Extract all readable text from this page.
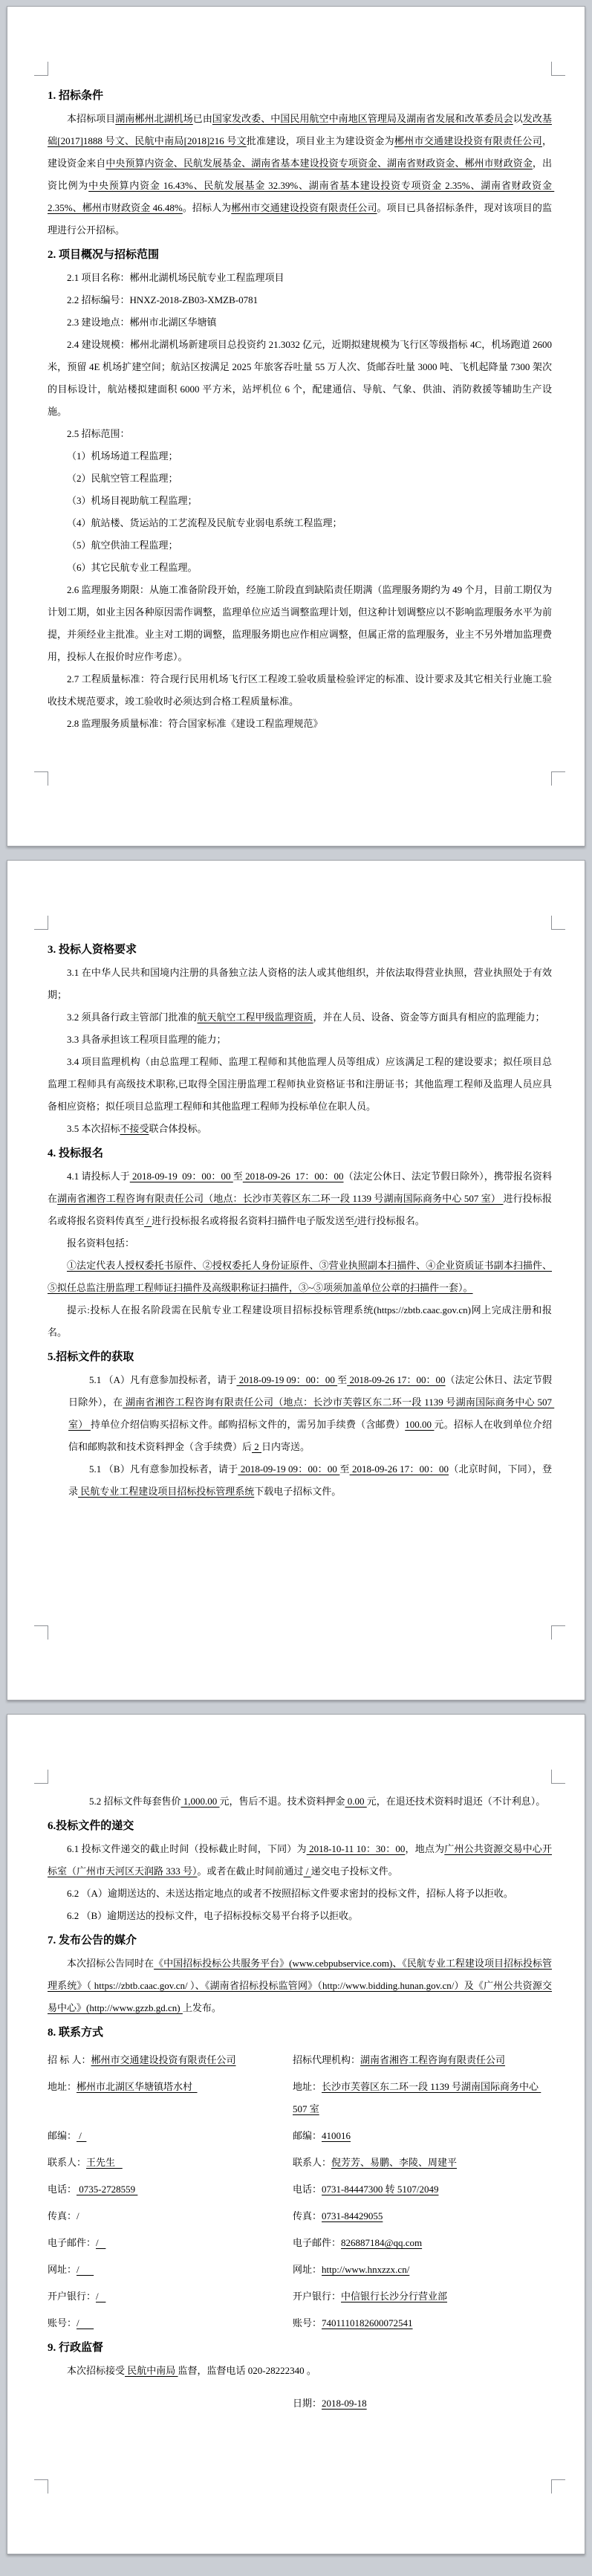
1. 招标条件
本招标项目湖南郴州北湖机场已由国家发改委、中国民用航空中南地区管理局及湖南省发展和改革委员会以发改基础[2017]1888 号文、民航中南局[2018]216 号文批准建设，项目业主为建设资金为郴州市交通建设投资有限责任公司，建设资金来自中央预算内资金、民航发展基金、湖南省基本建设投资专项资金、湖南省财政资金、郴州市财政资金，出资比例为中央预算内资金 16.43%、民航发展基金 32.39%、湖南省基本建设投资专项资金 2.35%、湖南省财政资金 2.35%、郴州市财政资金 46.48%。招标人为郴州市交通建设投资有限责任公司。项目已具备招标条件，现对该项目的监理进行公开招标。
2. 项目概况与招标范围
2.1 项目名称：郴州北湖机场民航专业工程监理项目
2.2 招标编号：HNXZ-2018-ZB03-XMZB-0781
2.3 建设地点：郴州市北湖区华塘镇
2.4 建设规模：郴州北湖机场新建项目总投资约 21.3032 亿元，近期拟建规模为飞行区等级指标 4C，机场跑道 2600 米，预留 4E 机场扩建空间；航站区按满足 2025 年旅客吞吐量 55 万人次、货邮吞吐量 3000 吨、飞机起降量 7300 架次的目标设计，航站楼拟建面积 6000 平方米，站坪机位 6 个，配建通信、导航、气象、供油、消防救援等辅助生产设施。
2.5 招标范围：
（1）机场场道工程监理；
（2）民航空管工程监理；
（3）机场目视助航工程监理；
（4）航站楼、货运站的工艺流程及民航专业弱电系统工程监理；
（5）航空供油工程监理；
（6）其它民航专业工程监理。
2.6 监理服务期限：从施工准备阶段开始，经施工阶段直到缺陷责任期满（监理服务期约为 49 个月，目前工期仅为计划工期，如业主因各种原因需作调整，监理单位应适当调整监理计划，但这种计划调整应以不影响监理服务水平为前提，并须经业主批准。业主对工期的调整，监理服务期也应作相应调整，但属正常的监理服务，业主不另外增加监理费用，投标人在报价时应作考虑）。
2.7 工程质量标准：符合现行民用机场飞行区工程竣工验收质量检验评定的标准、设计要求及其它相关行业施工验收技术规范要求，竣工验收时必须达到合格工程质量标准。
2.8 监理服务质量标准：符合国家标准《建设工程监理规范》
3. 投标人资格要求
3.1 在中华人民共和国境内注册的具备独立法人资格的法人或其他组织，并依法取得营业执照，营业执照处于有效期；
3.2 须具备行政主管部门批准的航天航空工程甲级监理资质，并在人员、设备、资金等方面具有相应的监理能力；
3.3 具备承担该工程项目监理的能力；
3.4 项目监理机构（由总监理工程师、监理工程师和其他监理人员等组成）应该满足工程的建设要求；拟任项目总监理工程师具有高级技术职称,已取得全国注册监理工程师执业资格证书和注册证书；其他监理工程师及监理人员应具备相应资格；拟任项目总监理工程师和其他监理工程师为投标单位在职人员。
3.5 本次招标不接受联合体投标。
4. 投标报名
4.1 请投标人于 2018-09-19  09：00：00 至 2018-09-26  17：00：00（法定公休日、法定节假日除外），携带报名资料在湖南省湘咨工程咨询有限责任公司（地点：长沙市芙蓉区东二环一段 1139 号湖南国际商务中心 507 室） 进行投标报名或将报名资料传真至 / 进行投标报名或将报名资料扫描件电子版发送至/进行投标报名。
报名资料包括：
①法定代表人授权委托书原件、②授权委托人身份证原件、③营业执照副本扫描件、④企业资质证书副本扫描件、⑤拟任总监注册监理工程师证扫描件及高级职称证扫描件，③~⑤项须加盖单位公章的扫描件一套）。
提示:投标人在报名阶段需在民航专业工程建设项目招标投标管理系统(https://zbtb.caac.gov.cn)网上完成注册和报名。
5.招标文件的获取
5.1 （A）凡有意参加投标者，请于 2018-09-19 09：00：00 至 2018-09-26 17：00：00（法定公休日、法定节假日除外），在 湖南省湘咨工程咨询有限责任公司（地点：长沙市芙蓉区东二环一段 1139 号湖南国际商务中心 507 室） 持单位介绍信购买招标文件。邮购招标文件的，需另加手续费（含邮费）100.00 元。招标人在收到单位介绍信和邮购款和技术资料押金（含手续费）后 2 日内寄送。
5.1 （B）凡有意参加投标者，请于 2018-09-19 09：00：00 至 2018-09-26 17：00：00（北京时间，下同），登录 民航专业工程建设项目招标投标管理系统下载电子招标文件。
5.2 招标文件每套售价 1,000.00 元，售后不退。技术资料押金 0.00 元，在退还技术资料时退还（不计利息）。
6.投标文件的递交
6.1 投标文件递交的截止时间（投标截止时间，下同）为 2018-10-11 10：30：00，地点为广州公共资源交易中心开标室（广州市天河区天润路 333 号）。或者在截止时间前通过 / 递交电子投标文件。
6.2 （A）逾期送达的、未送达指定地点的或者不按照招标文件要求密封的投标文件，招标人将予以拒收。
6.2 （B）逾期送达的投标文件，电子招标投标交易平台将予以拒收。
7. 发布公告的媒介
本次招标公告同时在《中国招标投标公共服务平台》(www.cebpubservice.com)、《民航专业工程建设项目招标投标管理系统》（ https://zbtb.caac.gov.cn/ ）、《湖南省招标投标监管网》（http://www.bidding.hunan.gov.cn/）及《广州公共资源交易中心》(http://www.gzzb.gd.cn) 上发布。
8. 联系方式
招 标 人：郴州市交通建设投资有限责任公司	招标代理机构：湖南省湘咨工程咨询有限责任公司
地址：郴州市北湖区华塘镇塔水村	地址：长沙市芙蓉区东二环一段 1139 号湖南国际商务中心 507 室
邮编： /	邮编：410016
联系人：王先生	联系人：倪芳芳、易鹏、李陵、周建平
电话： 0735-2728559	电话：0731-84447300 转 5107/2049
传真：/	传真：0731-84429055
电子邮件：/	电子邮件：826887184@qq.com
网址：/	网址：http://www.hnxzzx.cn/
开户银行：/	开户银行：中信银行长沙分行营业部
账号：/	账号：7401110182600072541
9. 行政监督
本次招标接受 民航中南局 监督，监督电话 020-28222340 。
日期：2018-09-18
